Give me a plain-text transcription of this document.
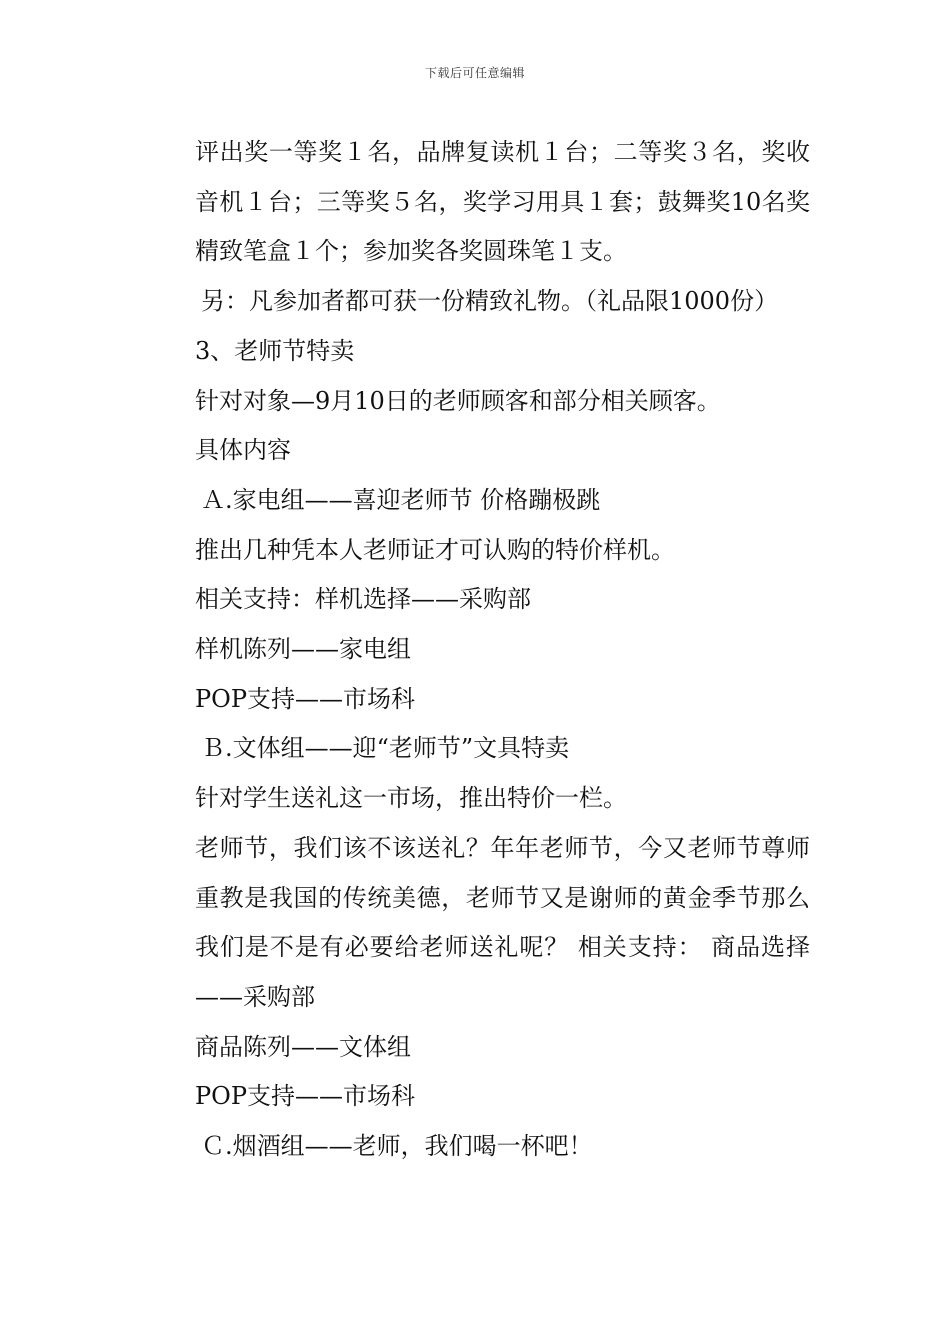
下载后可任意编辑

评出奖一等奖１名，品牌复读机１台；二等奖３名，奖收音机１台；三等奖５名，奖学习用具１套；鼓舞奖10名奖精致笔盒１个；参加奖各奖圆珠笔１支。

另：凡参加者都可获一份精致礼物。（礼品限1000份）

3、老师节特卖

针对对象—9月10日的老师顾客和部分相关顾客。

具体内容

Ａ.家电组——喜迎老师节 价格蹦极跳

推出几种凭本人老师证才可认购的特价样机。

相关支持：样机选择——采购部

样机陈列——家电组

POP支持——市场科

Ｂ.文体组——迎“老师节”文具特卖

针对学生送礼这一市场，推出特价一栏。

老师节，我们该不该送礼？年年老师节，今又老师节尊师重教是我国的传统美德，老师节又是谢师的黄金季节那么我们是不是有必要给老师送礼呢？ 相关支持： 商品选择——采购部

商品陈列——文体组

POP支持——市场科

Ｃ.烟酒组——老师，我们喝一杯吧！
